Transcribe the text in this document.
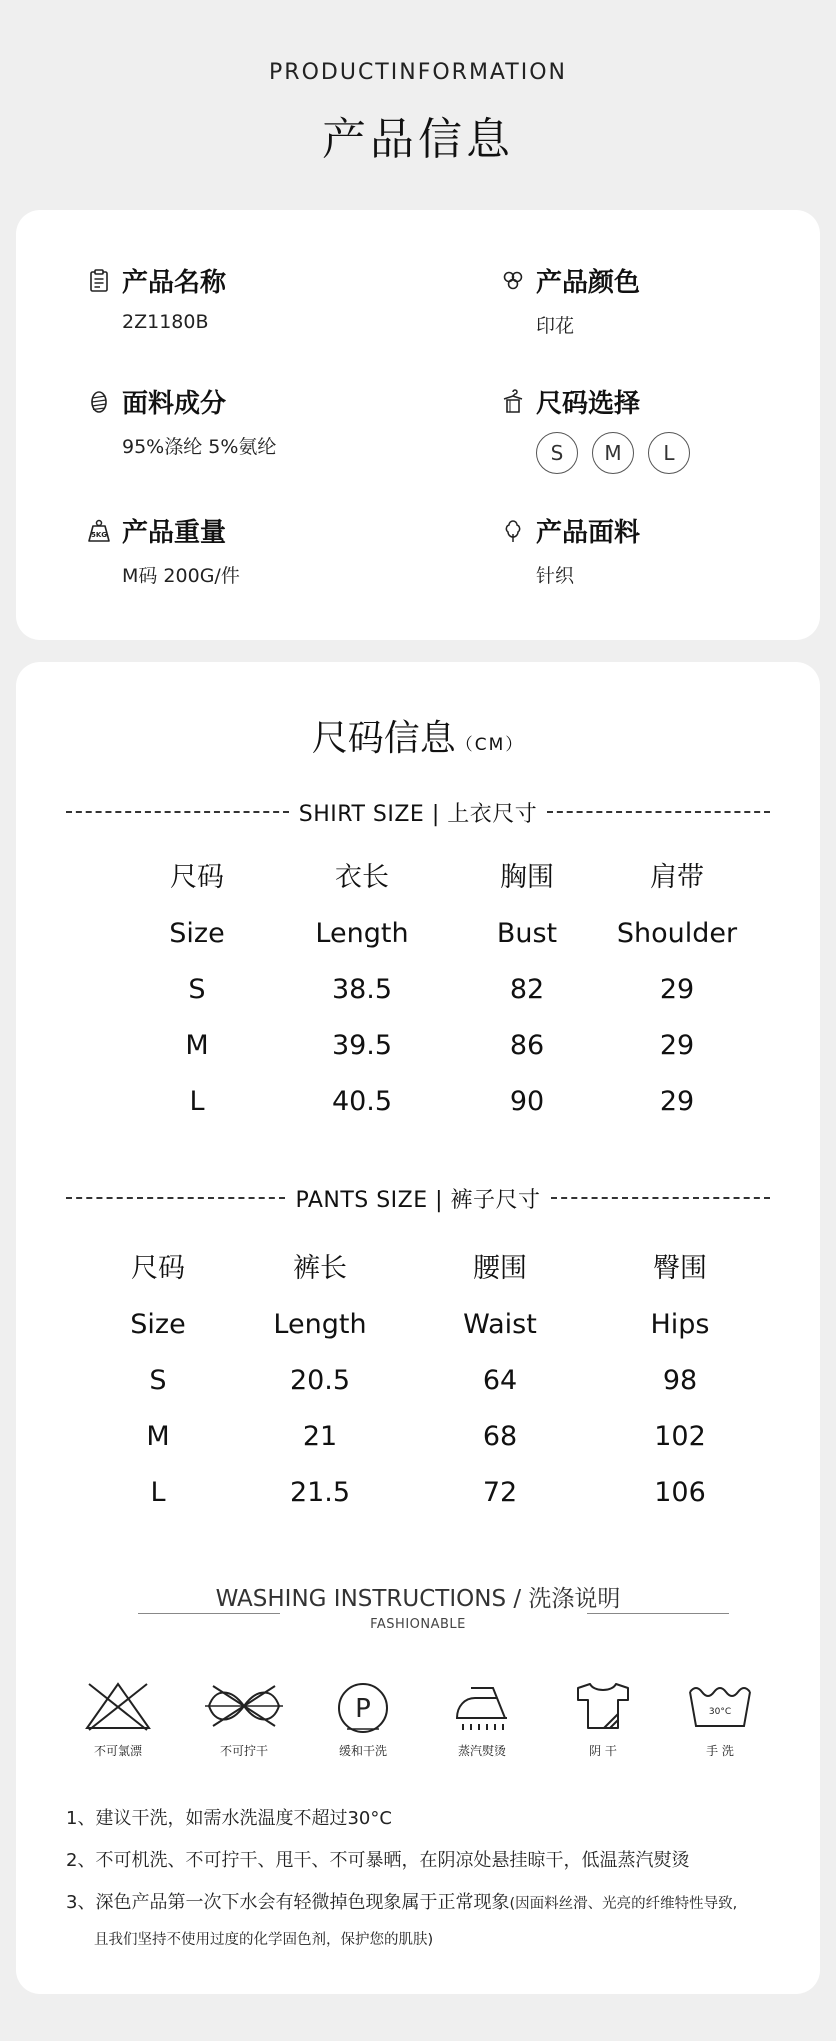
PRODUCTINFORMATION
产品信息
产品名称
2Z1180B
面料成分
95%涤纶 5%氨纶
5KG 产品重量
M码 200G/件
产品颜色
印花
尺码选择
S	M	L
产品面料
针织
尺码信息（CM）
SHIRT SIZE | 上衣尺寸
尺码	衣长	胸围	肩带
Size	Length	Bust	Shoulder
S	38.5	82	29
M	39.5	86	29
L	40.5	90	29
PANTS SIZE | 裤子尺寸
尺码	裤长	腰围	臀围
Size	Length	Waist	Hips
S	20.5	64	98
M	21	68	102
L	21.5	72	106
WASHING INSTRUCTIONS / 洗涤说明
FASHIONABLE
不可氯漂	不可拧干
P
缓和干洗	蒸汽熨烫	阴 干
30°C
手 洗
1、建议干洗，如需水洗温度不超过30°C
2、不可机洗、不可拧干、甩干、不可暴晒，在阴凉处悬挂晾干，低温蒸汽熨烫
3、深色产品第一次下水会有轻微掉色现象属于正常现象(因面料丝滑、光亮的纤维特性导致,
且我们坚持不使用过度的化学固色剂，保护您的肌肤)
